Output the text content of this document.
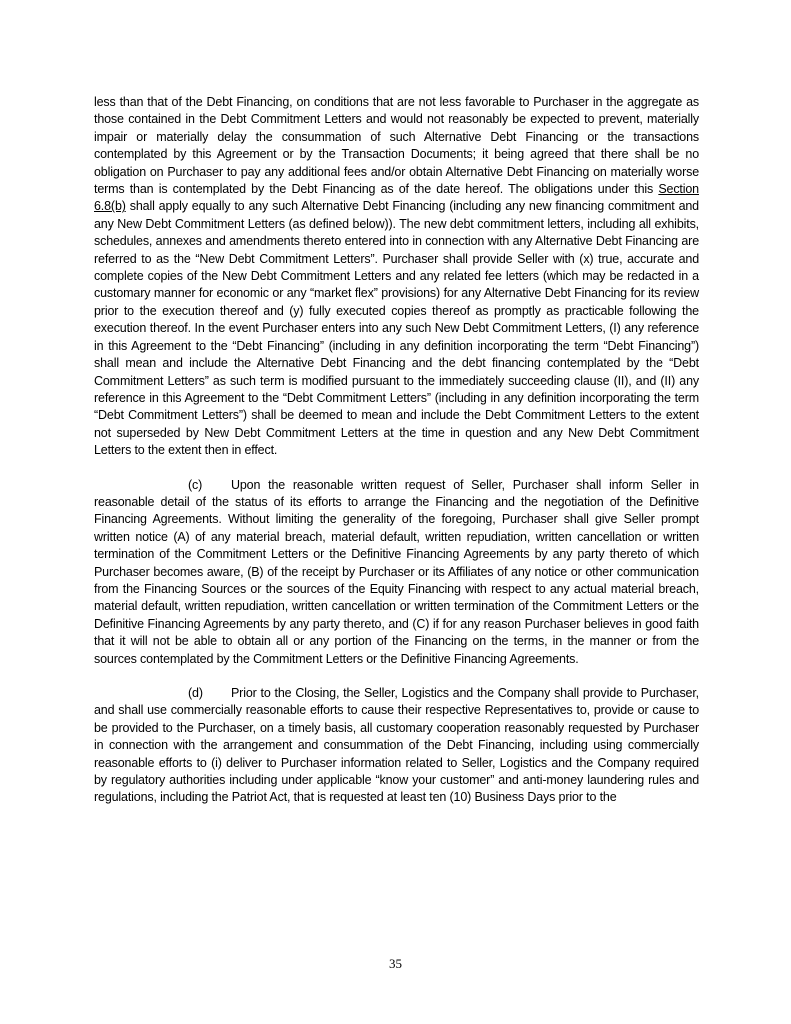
less than that of the Debt Financing, on conditions that are not less favorable to Purchaser in the aggregate as those contained in the Debt Commitment Letters and would not reasonably be expected to prevent, materially impair or materially delay the consummation of such Alternative Debt Financing or the transactions contemplated by this Agreement or by the Transaction Documents; it being agreed that there shall be no obligation on Purchaser to pay any additional fees and/or obtain Alternative Debt Financing on materially worse terms than is contemplated by the Debt Financing as of the date hereof. The obligations under this Section 6.8(b) shall apply equally to any such Alternative Debt Financing (including any new financing commitment and any New Debt Commitment Letters (as defined below)). The new debt commitment letters, including all exhibits, schedules, annexes and amendments thereto entered into in connection with any Alternative Debt Financing are referred to as the “New Debt Commitment Letters”. Purchaser shall provide Seller with (x) true, accurate and complete copies of the New Debt Commitment Letters and any related fee letters (which may be redacted in a customary manner for economic or any “market flex” provisions) for any Alternative Debt Financing for its review prior to the execution thereof and (y) fully executed copies thereof as promptly as practicable following the execution thereof. In the event Purchaser enters into any such New Debt Commitment Letters, (I) any reference in this Agreement to the “Debt Financing” (including in any definition incorporating the term “Debt Financing”) shall mean and include the Alternative Debt Financing and the debt financing contemplated by the “Debt Commitment Letters” as such term is modified pursuant to the immediately succeeding clause (II), and (II) any reference in this Agreement to the “Debt Commitment Letters” (including in any definition incorporating the term “Debt Commitment Letters”) shall be deemed to mean and include the Debt Commitment Letters to the extent not superseded by New Debt Commitment Letters at the time in question and any New Debt Commitment Letters to the extent then in effect.

(c) Upon the reasonable written request of Seller, Purchaser shall inform Seller in reasonable detail of the status of its efforts to arrange the Financing and the negotiation of the Definitive Financing Agreements. Without limiting the generality of the foregoing, Purchaser shall give Seller prompt written notice (A) of any material breach, material default, written repudiation, written cancellation or written termination of the Commitment Letters or the Definitive Financing Agreements by any party thereto of which Purchaser becomes aware, (B) of the receipt by Purchaser or its Affiliates of any notice or other communication from the Financing Sources or the sources of the Equity Financing with respect to any actual material breach, material default, written repudiation, written cancellation or written termination of the Commitment Letters or the Definitive Financing Agreements by any party thereto, and (C) if for any reason Purchaser believes in good faith that it will not be able to obtain all or any portion of the Financing on the terms, in the manner or from the sources contemplated by the Commitment Letters or the Definitive Financing Agreements.

(d) Prior to the Closing, the Seller, Logistics and the Company shall provide to Purchaser, and shall use commercially reasonable efforts to cause their respective Representatives to, provide or cause to be provided to the Purchaser, on a timely basis, all customary cooperation reasonably requested by Purchaser in connection with the arrangement and consummation of the Debt Financing, including using commercially reasonable efforts to (i) deliver to Purchaser information related to Seller, Logistics and the Company required by regulatory authorities including under applicable “know your customer” and anti-money laundering rules and regulations, including the Patriot Act, that is requested at least ten (10) Business Days prior to the

35
